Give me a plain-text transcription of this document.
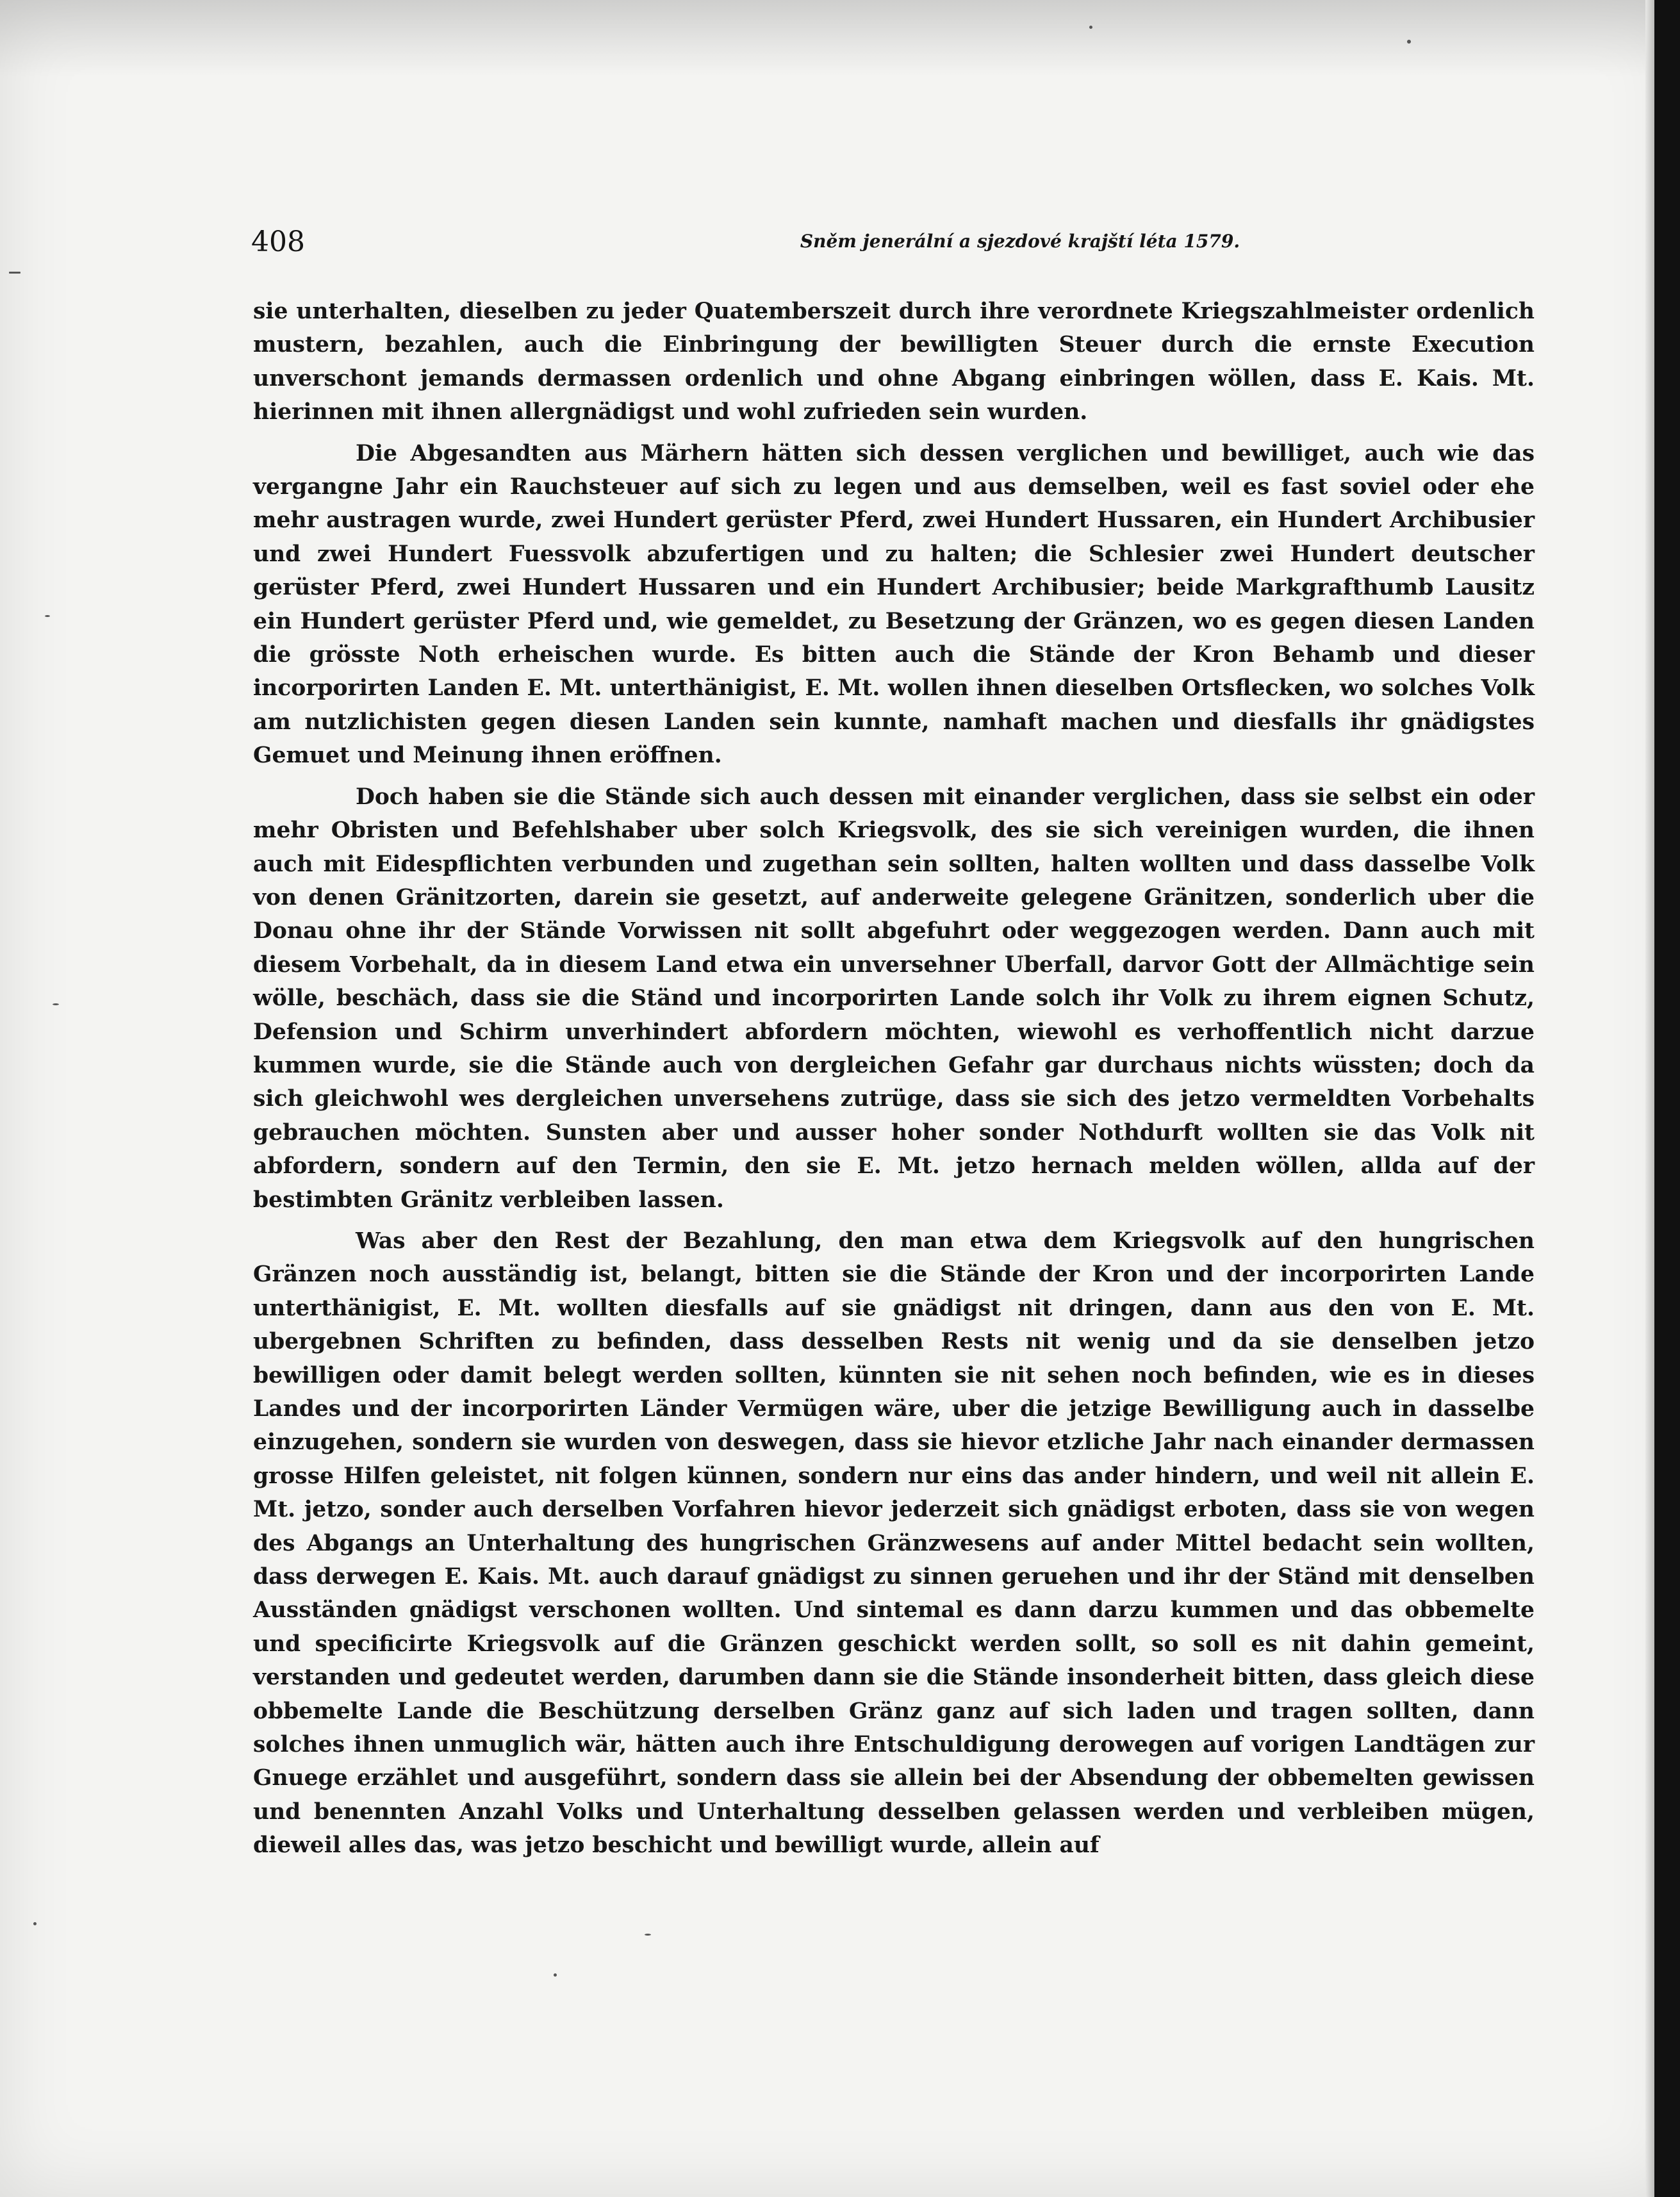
408	Sněm jenerální a sjezdové krajští léta 1579.

sie unterhalten, dieselben zu jeder Quatemberszeit durch ihre verordnete Kriegszahlmeister ordenlich mustern, bezahlen, auch die Einbringung der bewilligten Steuer durch die ernste Execution unverschont jemands dermassen ordenlich und ohne Abgang einbringen wöllen, dass E. Kais. Mt. hierinnen mit ihnen allergnädigst und wohl zufrieden sein wurden.

Die Abgesandten aus Märhern hätten sich dessen verglichen und bewilliget, auch wie das vergangne Jahr ein Rauchsteuer auf sich zu legen und aus demselben, weil es fast soviel oder ehe mehr austragen wurde, zwei Hundert gerüster Pferd, zwei Hundert Hussaren, ein Hundert Archibusier und zwei Hundert Fuessvolk abzufertigen und zu halten; die Schlesier zwei Hundert deutscher gerüster Pferd, zwei Hundert Hussaren und ein Hundert Archibusier; beide Markgrafthumb Lausitz ein Hundert gerüster Pferd und, wie gemeldet, zu Besetzung der Gränzen, wo es gegen diesen Landen die grösste Noth erheischen wurde. Es bitten auch die Stände der Kron Behamb und dieser incorporirten Landen E. Mt. unterthänigist, E. Mt. wollen ihnen dieselben Ortsflecken, wo solches Volk am nutzlichisten gegen diesen Landen sein kunnte, namhaft machen und diesfalls ihr gnädigstes Gemuet und Meinung ihnen eröffnen.

Doch haben sie die Stände sich auch dessen mit einander verglichen, dass sie selbst ein oder mehr Obristen und Befehlshaber uber solch Kriegsvolk, des sie sich vereinigen wurden, die ihnen auch mit Eidespflichten verbunden und zugethan sein sollten, halten wollten und dass dasselbe Volk von denen Gränitzorten, darein sie gesetzt, auf anderweite gelegene Gränitzen, sonderlich uber die Donau ohne ihr der Stände Vorwissen nit sollt abgefuhrt oder weggezogen werden. Dann auch mit diesem Vorbehalt, da in diesem Land etwa ein unversehner Uberfall, darvor Gott der Allmächtige sein wölle, beschäch, dass sie die Ständ und incorporirten Lande solch ihr Volk zu ihrem eignen Schutz, Defension und Schirm unverhindert abfordern möchten, wiewohl es verhoffentlich nicht darzue kummen wurde, sie die Stände auch von dergleichen Gefahr gar durchaus nichts wüssten; doch da sich gleichwohl wes dergleichen unversehens zutrüge, dass sie sich des jetzo vermeldten Vorbehalts gebrauchen möchten. Sunsten aber und ausser hoher sonder Nothdurft wollten sie das Volk nit abfordern, sondern auf den Termin, den sie E. Mt. jetzo hernach melden wöllen, allda auf der bestimbten Gränitz verbleiben lassen.

Was aber den Rest der Bezahlung, den man etwa dem Kriegsvolk auf den hungrischen Gränzen noch ausständig ist, belangt, bitten sie die Stände der Kron und der incorporirten Lande unterthänigist, E. Mt. wollten diesfalls auf sie gnädigst nit dringen, dann aus den von E. Mt. ubergebnen Schriften zu befinden, dass desselben Rests nit wenig und da sie denselben jetzo bewilligen oder damit belegt werden sollten, künnten sie nit sehen noch befinden, wie es in dieses Landes und der incorporirten Länder Vermügen wäre, uber die jetzige Bewilligung auch in dasselbe einzugehen, sondern sie wurden von deswegen, dass sie hievor etzliche Jahr nach einander dermassen grosse Hilfen geleistet, nit folgen künnen, sondern nur eins das ander hindern, und weil nit allein E. Mt. jetzo, sonder auch derselben Vorfahren hievor jederzeit sich gnädigst erboten, dass sie von wegen des Abgangs an Unterhaltung des hungrischen Gränzwesens auf ander Mittel bedacht sein wollten, dass derwegen E. Kais. Mt. auch darauf gnädigst zu sinnen geruehen und ihr der Ständ mit denselben Ausständen gnädigst verschonen wollten. Und sintemal es dann darzu kummen und das obbemelte und specificirte Kriegsvolk auf die Gränzen geschickt werden sollt, so soll es nit dahin gemeint, verstanden und gedeutet werden, darumben dann sie die Stände insonderheit bitten, dass gleich diese obbemelte Lande die Beschützung derselben Gränz ganz auf sich laden und tragen sollten, dann solches ihnen unmuglich wär, hätten auch ihre Entschuldigung derowegen auf vorigen Landtägen zur Gnuege erzählet und ausgeführt, sondern dass sie allein bei der Absendung der obbemelten gewissen und benennten Anzahl Volks und Unterhaltung desselben gelassen werden und verbleiben mügen, dieweil alles das, was jetzo beschicht und bewilligt wurde, allein auf
